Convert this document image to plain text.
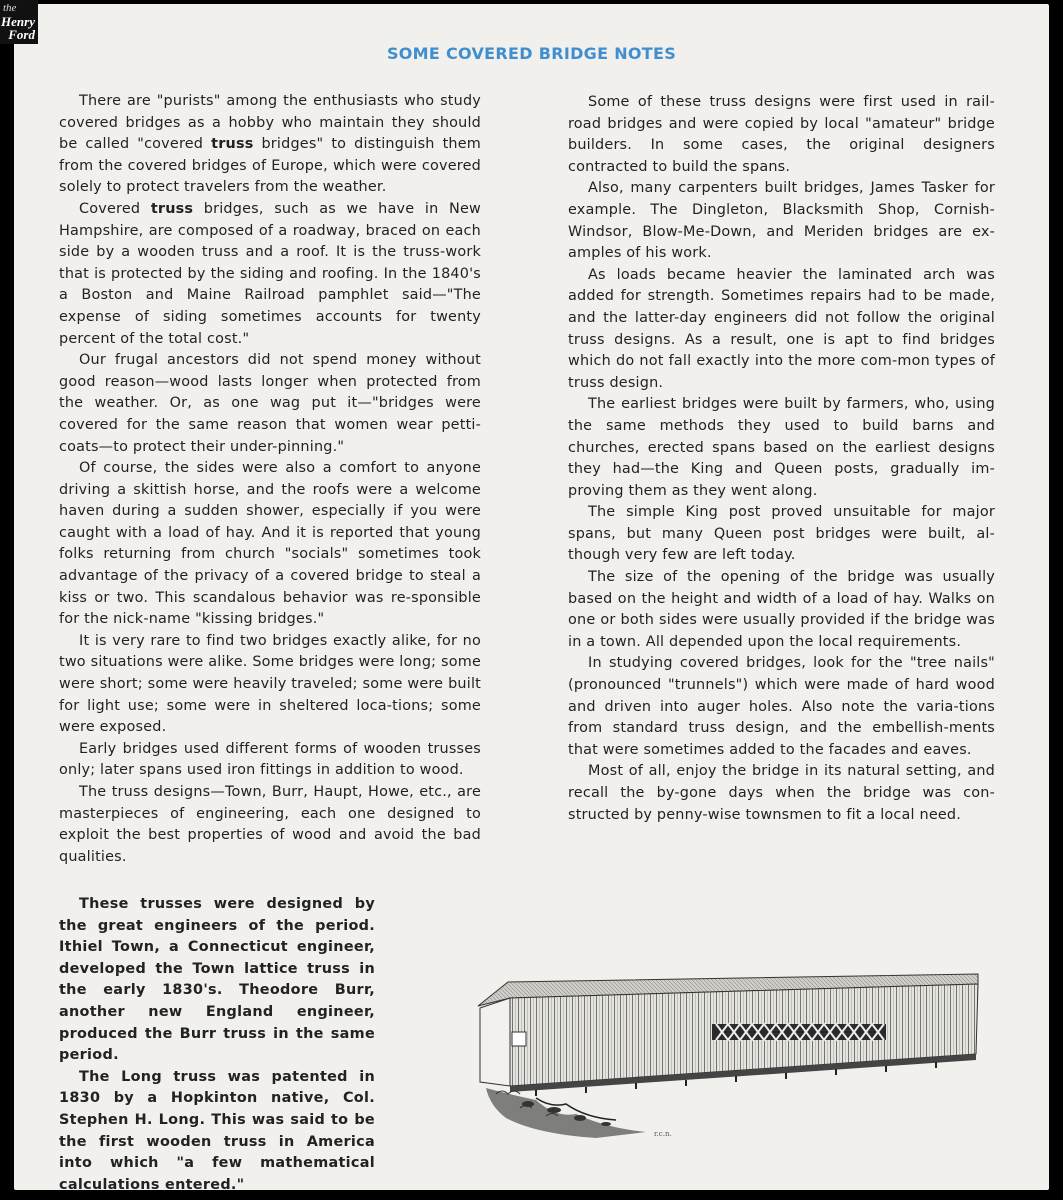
the
Henry
Ford
SOME COVERED BRIDGE NOTES

There are "purists" among the enthusiasts who study covered bridges as a hobby who maintain they should be called "covered truss bridges" to distinguish them from the covered bridges of Europe, which were covered solely to protect travelers from the weather.

Covered truss bridges, such as we have in New Hampshire, are composed of a roadway, braced on each side by a wooden truss and a roof. It is the truss-work that is protected by the siding and roofing. In the 1840's a Boston and Maine Railroad pamphlet said—"The expense of siding sometimes accounts for twenty percent of the total cost."

Our frugal ancestors did not spend money without good reason—wood lasts longer when protected from the weather. Or, as one wag put it—"bridges were covered for the same reason that women wear petti-coats—to protect their under-pinning."

Of course, the sides were also a comfort to anyone driving a skittish horse, and the roofs were a welcome haven during a sudden shower, especially if you were caught with a load of hay. And it is reported that young folks returning from church "socials" sometimes took advantage of the privacy of a covered bridge to steal a kiss or two. This scandalous behavior was re-sponsible for the nick-name "kissing bridges."

It is very rare to find two bridges exactly alike, for no two situations were alike. Some bridges were long; some were short; some were heavily traveled; some were built for light use; some were in sheltered loca-tions; some were exposed.

Early bridges used different forms of wooden trusses only; later spans used iron fittings in addition to wood.

The truss designs—Town, Burr, Haupt, Howe, etc., are masterpieces of engineering, each one designed to exploit the best properties of wood and avoid the bad qualities.

These trusses were designed by the great engineers of the period. Ithiel Town, a Connecticut engineer, developed the Town lattice truss in the early 1830's. Theodore Burr, another new England engineer, produced the Burr truss in the same period.

The Long truss was patented in 1830 by a Hopkinton native, Col. Stephen H. Long. This was said to be the first wooden truss in America into which "a few mathematical calculations entered."

Some of these truss designs were first used in rail-road bridges and were copied by local "amateur" bridge builders. In some cases, the original designers contracted to build the spans.

Also, many carpenters built bridges, James Tasker for example. The Dingleton, Blacksmith Shop, Cornish-Windsor, Blow-Me-Down, and Meriden bridges are ex-amples of his work.

As loads became heavier the laminated arch was added for strength. Sometimes repairs had to be made, and the latter-day engineers did not follow the original truss designs. As a result, one is apt to find bridges which do not fall exactly into the more com-mon types of truss design.

The earliest bridges were built by farmers, who, using the same methods they used to build barns and churches, erected spans based on the earliest designs they had—the King and Queen posts, gradually im-proving them as they went along.

The simple King post proved unsuitable for major spans, but many Queen post bridges were built, al-though very few are left today.

The size of the opening of the bridge was usually based on the height and width of a load of hay. Walks on one or both sides were usually provided if the bridge was in a town. All depended upon the local requirements.

In studying covered bridges, look for the "tree nails" (pronounced "trunnels") which were made of hard wood and driven into auger holes. Also note the varia-tions from standard truss design, and the embellish-ments that were sometimes added to the facades and eaves.

Most of all, enjoy the bridge in its natural setting, and recall the by-gone days when the bridge was con-structed by penny-wise townsmen to fit a local need.

r.c.n.
